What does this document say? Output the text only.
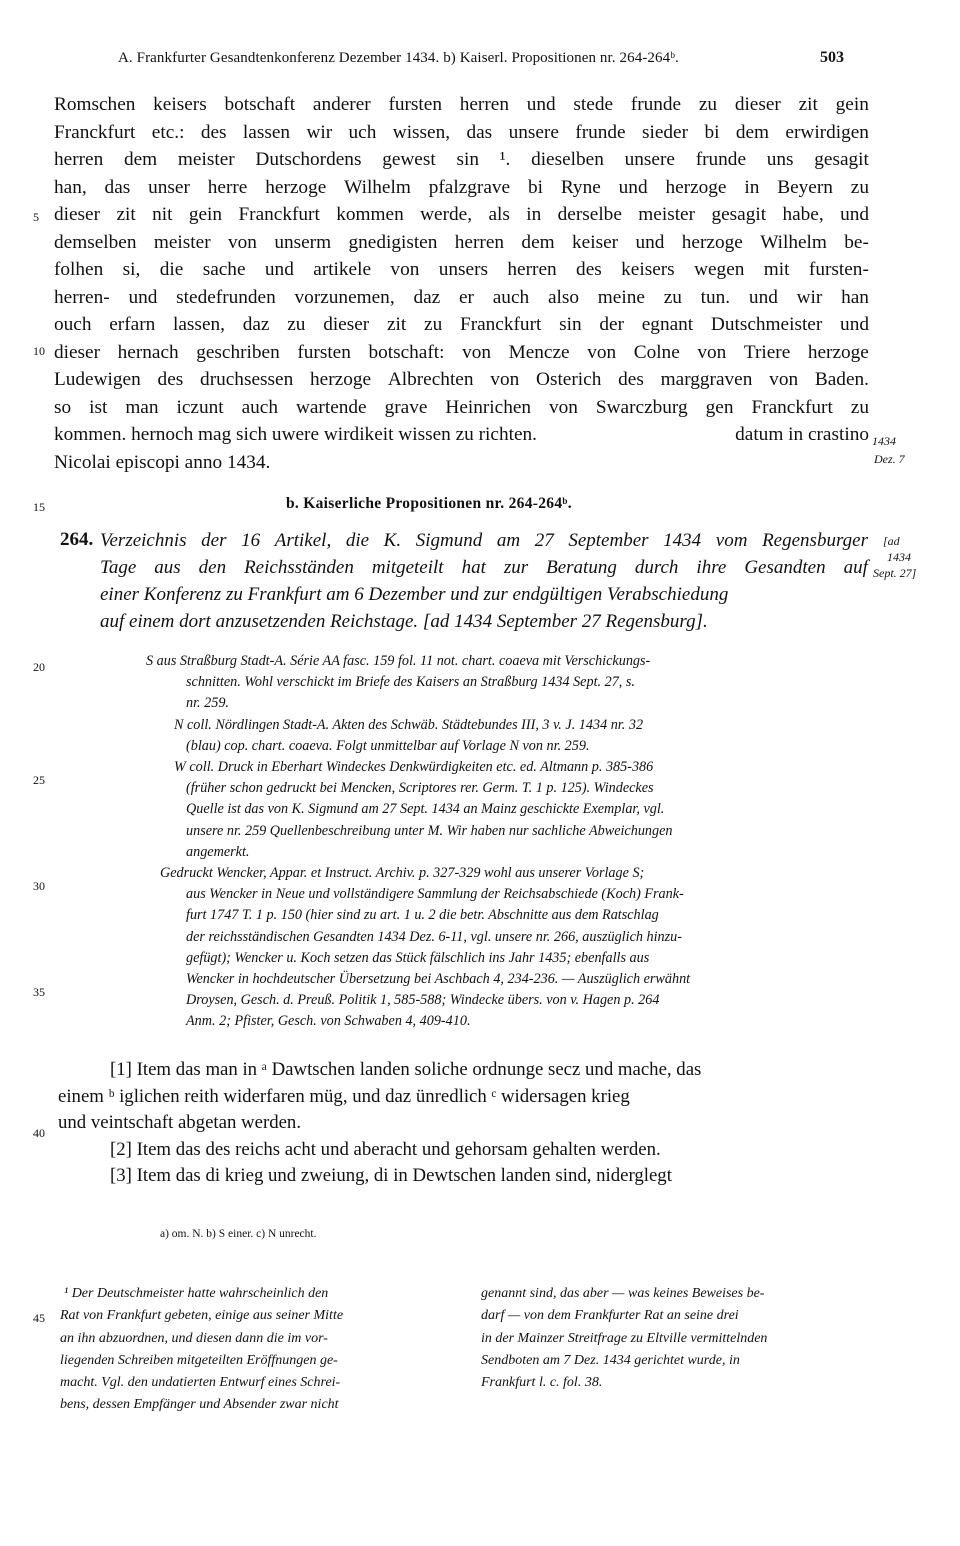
A. Frankfurter Gesandtenkonferenz Dezember 1434. b) Kaiserl. Propositionen nr. 264-264ᵇ.	503
Romschen keisers botschaft anderer fursten herren und stede frunde zu dieser zit gein
Franckfurt etc.: des lassen wir uch wissen, das unsere frunde sieder bi dem erwirdigen
herren dem meister Dutschordens gewest sin ¹. dieselben unsere frunde uns gesagit
han, das unser herre herzoge Wilhelm pfalzgrave bi Ryne und herzoge in Beyern zu
dieser zit nit gein Franckfurt kommen werde, als in derselbe meister gesagit habe, und
demselben meister von unserm gnedigisten herren dem keiser und herzoge Wilhelm be-
folhen si, die sache und artikele von unsers herren des keisers wegen mit fursten-
herren- und stedefrunden vorzunemen, daz er auch also meine zu tun. und wir han
ouch erfarn lassen, daz zu dieser zit zu Franckfurt sin der egnant Dutschmeister und
dieser hernach geschriben fursten botschaft: von Mencze von Colne von Triere herzoge
Ludewigen des druchsessen herzoge Albrechten von Osterich des marggraven von Baden.
so ist man iczunt auch wartende grave Heinrichen von Swarczburg gen Franckfurt zu
kommen. hernoch mag sich uwere wirdikeit wissen zu richten.	datum in crastino
Nicolai episcopi anno 1434.
1434
Dez. 7
5
10
15
20
25
30
35
40
45
b. Kaiserliche Propositionen nr. 264-264ᵇ.
264. Verzeichnis der 16 Artikel, die K. Sigmund am 27 September 1434 vom Regensburger
Tage aus den Reichsständen mitgeteilt hat zur Beratung durch ihre Gesandten auf
einer Konferenz zu Frankfurt am 6 Dezember und zur endgültigen Verabschiedung
auf einem dort anzusetzenden Reichstage. [ad 1434 September 27 Regensburg].
[ad
1434
Sept. 27]
S aus Straßburg Stadt-A. Série AA fasc. 159 fol. 11 not. chart. coaeva mit Verschickungs-
schnitten. Wohl verschickt im Briefe des Kaisers an Straßburg 1434 Sept. 27, s.
nr. 259.
N coll. Nördlingen Stadt-A. Akten des Schwäb. Städtebundes III, 3 v. J. 1434 nr. 32
(blau) cop. chart. coaeva. Folgt unmittelbar auf Vorlage N von nr. 259.
W coll. Druck in Eberhart Windeckes Denkwürdigkeiten etc. ed. Altmann p. 385-386
(früher schon gedruckt bei Mencken, Scriptores rer. Germ. T. 1 p. 125). Windeckes
Quelle ist das von K. Sigmund am 27 Sept. 1434 an Mainz geschickte Exemplar, vgl.
unsere nr. 259 Quellenbeschreibung unter M. Wir haben nur sachliche Abweichungen
angemerkt.
Gedruckt Wencker, Appar. et Instruct. Archiv. p. 327-329 wohl aus unserer Vorlage S;
aus Wencker in Neue und vollständigere Sammlung der Reichsabschiede (Koch) Frank-
furt 1747 T. 1 p. 150 (hier sind zu art. 1 u. 2 die betr. Abschnitte aus dem Ratschlag
der reichsständischen Gesandten 1434 Dez. 6-11, vgl. unsere nr. 266, auszüglich hinzu-
gefügt); Wencker u. Koch setzen das Stück fälschlich ins Jahr 1435; ebenfalls aus
Wencker in hochdeutscher Übersetzung bei Aschbach 4, 234-236. — Auszüglich erwähnt
Droysen, Gesch. d. Preuß. Politik 1, 585-588; Windecke übers. von v. Hagen p. 264
Anm. 2; Pfister, Gesch. von Schwaben 4, 409-410.
[1] Item das man in ᵃ Dawtschen landen soliche ordnunge secz und mache, das
einem ᵇ iglichen reith widerfaren müg, und daz ünredlich ᶜ widersagen krieg
und veintschaft abgetan werden.
[2] Item das des reichs acht und aberacht und gehorsam gehalten werden.
[3] Item das di krieg und zweiung, di in Dewtschen landen sind, niderglegt
a) om. N. b) S einer. c) N unrecht.
¹ Der Deutschmeister hatte wahrscheinlich den
Rat von Frankfurt gebeten, einige aus seiner Mitte
an ihn abzuordnen, und diesen dann die im vor-
liegenden Schreiben mitgeteilten Eröffnungen ge-
macht. Vgl. den undatierten Entwurf eines Schrei-
bens, dessen Empfänger und Absender zwar nicht
genannt sind, das aber — was keines Beweises be-
darf — von dem Frankfurter Rat an seine drei
in der Mainzer Streitfrage zu Eltville vermittelnden
Sendboten am 7 Dez. 1434 gerichtet wurde, in
Frankfurt l. c. fol. 38.
